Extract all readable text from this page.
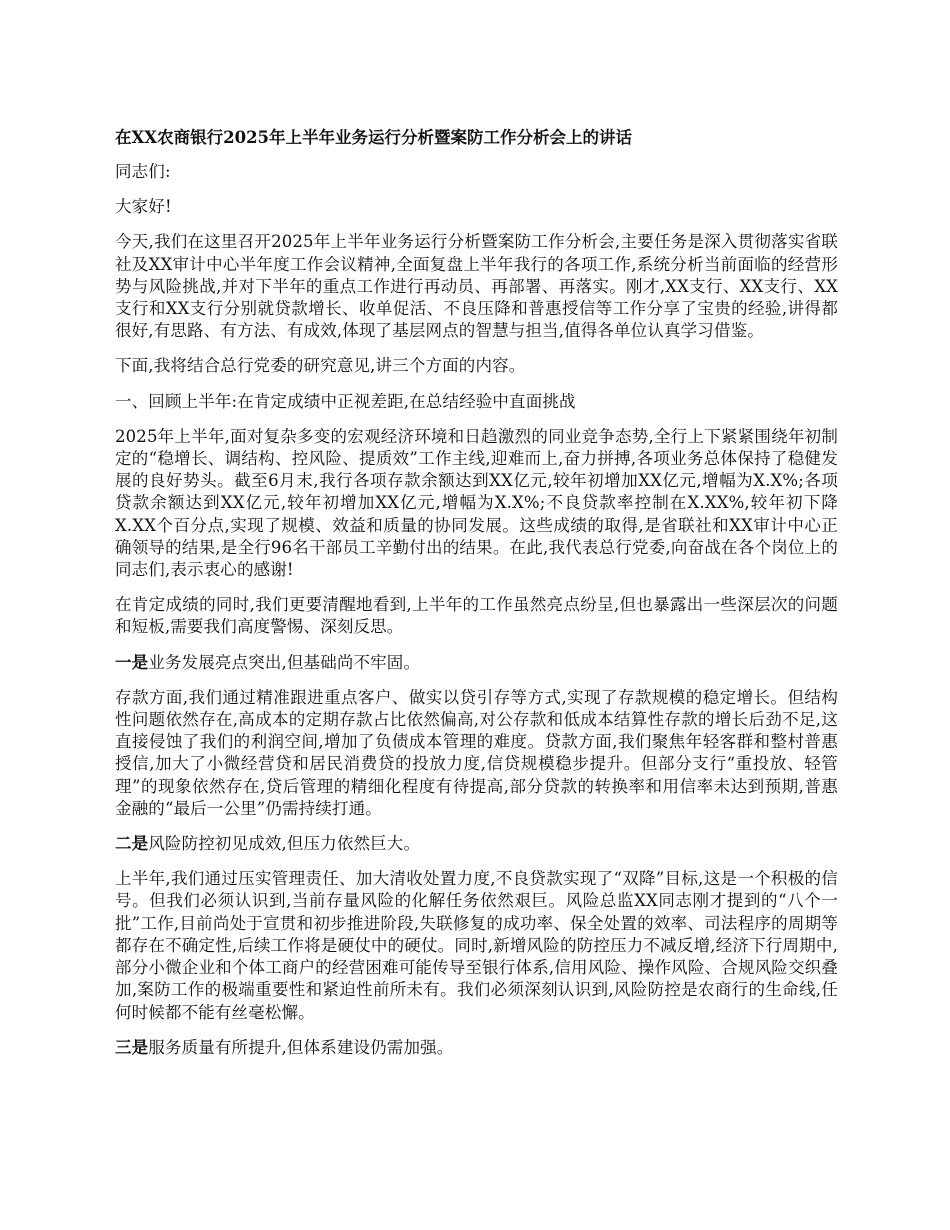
在XX农商银行2025年上半年业务运行分析暨案防工作分析会上的讲话

同志们:

大家好!

今天,我们在这里召开2025年上半年业务运行分析暨案防工作分析会,主要任务是深入贯彻落实省联社及XX审计中心半年度工作会议精神,全面复盘上半年我行的各项工作,系统分析当前面临的经营形势与风险挑战,并对下半年的重点工作进行再动员、再部署、再落实。刚才,XX支行、XX支行、XX支行和XX支行分别就贷款增长、收单促活、不良压降和普惠授信等工作分享了宝贵的经验,讲得都很好,有思路、有方法、有成效,体现了基层网点的智慧与担当,值得各单位认真学习借鉴。

下面,我将结合总行党委的研究意见,讲三个方面的内容。

一、回顾上半年:在肯定成绩中正视差距,在总结经验中直面挑战

2025年上半年,面对复杂多变的宏观经济环境和日趋激烈的同业竞争态势,全行上下紧紧围绕年初制定的“稳增长、调结构、控风险、提质效”工作主线,迎难而上,奋力拼搏,各项业务总体保持了稳健发展的良好势头。截至6月末,我行各项存款余额达到XX亿元,较年初增加XX亿元,增幅为X.X%;各项贷款余额达到XX亿元,较年初增加XX亿元,增幅为X.X%;不良贷款率控制在X.XX%,较年初下降X.XX个百分点,实现了规模、效益和质量的协同发展。这些成绩的取得,是省联社和XX审计中心正确领导的结果,是全行96名干部员工辛勤付出的结果。在此,我代表总行党委,向奋战在各个岗位上的同志们,表示衷心的感谢!

在肯定成绩的同时,我们更要清醒地看到,上半年的工作虽然亮点纷呈,但也暴露出一些深层次的问题和短板,需要我们高度警惕、深刻反思。

一是业务发展亮点突出,但基础尚不牢固。

存款方面,我们通过精准跟进重点客户、做实以贷引存等方式,实现了存款规模的稳定增长。但结构性问题依然存在,高成本的定期存款占比依然偏高,对公存款和低成本结算性存款的增长后劲不足,这直接侵蚀了我们的利润空间,增加了负债成本管理的难度。贷款方面,我们聚焦年轻客群和整村普惠授信,加大了小微经营贷和居民消费贷的投放力度,信贷规模稳步提升。但部分支行“重投放、轻管理”的现象依然存在,贷后管理的精细化程度有待提高,部分贷款的转换率和用信率未达到预期,普惠金融的“最后一公里”仍需持续打通。

二是风险防控初见成效,但压力依然巨大。

上半年,我们通过压实管理责任、加大清收处置力度,不良贷款实现了“双降”目标,这是一个积极的信号。但我们必须认识到,当前存量风险的化解任务依然艰巨。风险总监XX同志刚才提到的“八个一批”工作,目前尚处于宣贯和初步推进阶段,失联修复的成功率、保全处置的效率、司法程序的周期等都存在不确定性,后续工作将是硬仗中的硬仗。同时,新增风险的防控压力不减反增,经济下行周期中,部分小微企业和个体工商户的经营困难可能传导至银行体系,信用风险、操作风险、合规风险交织叠加,案防工作的极端重要性和紧迫性前所未有。我们必须深刻认识到,风险防控是农商行的生命线,任何时候都不能有丝毫松懈。

三是服务质量有所提升,但体系建设仍需加强。
